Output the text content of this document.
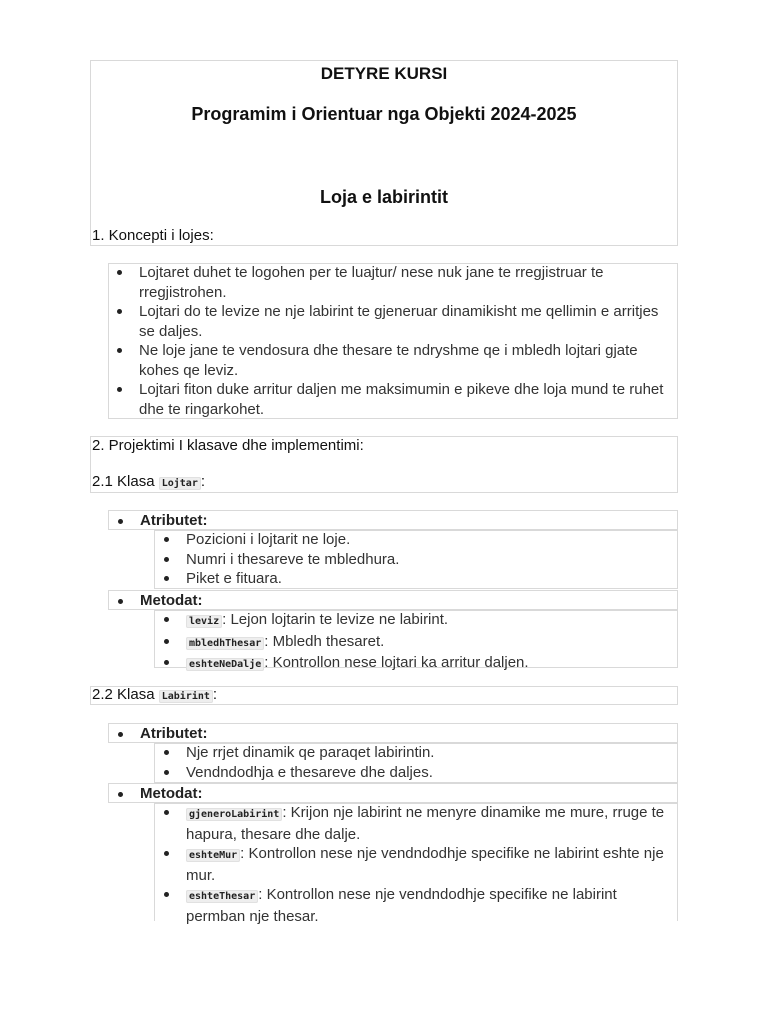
DETYRE KURSI
Programim i Orientuar nga Objekti 2024-2025
Loja e labirintit
1. Koncepti i lojes:
Lojtaret duhet te logohen per te luajtur/ nese nuk jane te rregjistruar te rregjistrohen.
Lojtari do te levize ne nje labirint te gjeneruar dinamikisht me qellimin e arritjes se daljes.
Ne loje jane te vendosura dhe thesare te ndryshme qe i mbledh lojtari gjate kohes qe leviz.
Lojtari fiton duke arritur daljen me maksimumin e pikeve dhe loja mund te ruhet dhe te ringarkohet.
2. Projektimi I klasave dhe implementimi:
2.1 Klasa Lojtar :
Atributet:
Pozicioni i lojtarit ne loje.
Numri i thesareve te mbledhura.
Piket e fituara.
Metodat:
leviz : Lejon lojtarin te levize ne labirint.
mbledhThesar : Mbledh thesaret.
eshteNeDalje : Kontrollon nese lojtari ka arritur daljen.
2.2 Klasa Labirint :
Atributet:
Nje rrjet dinamik qe paraqet labirintin.
Vendndodhja e thesareve dhe daljes.
Metodat:
gjeneroLabirint : Krijon nje labirint ne menyre dinamike me mure, rruge te hapura, thesare dhe dalje.
eshteMur : Kontrollon nese nje vendndodhje specifike ne labirint eshte nje mur.
eshteThesar : Kontrollon nese nje vendndodhje specifike ne labirint permban nje thesar.
